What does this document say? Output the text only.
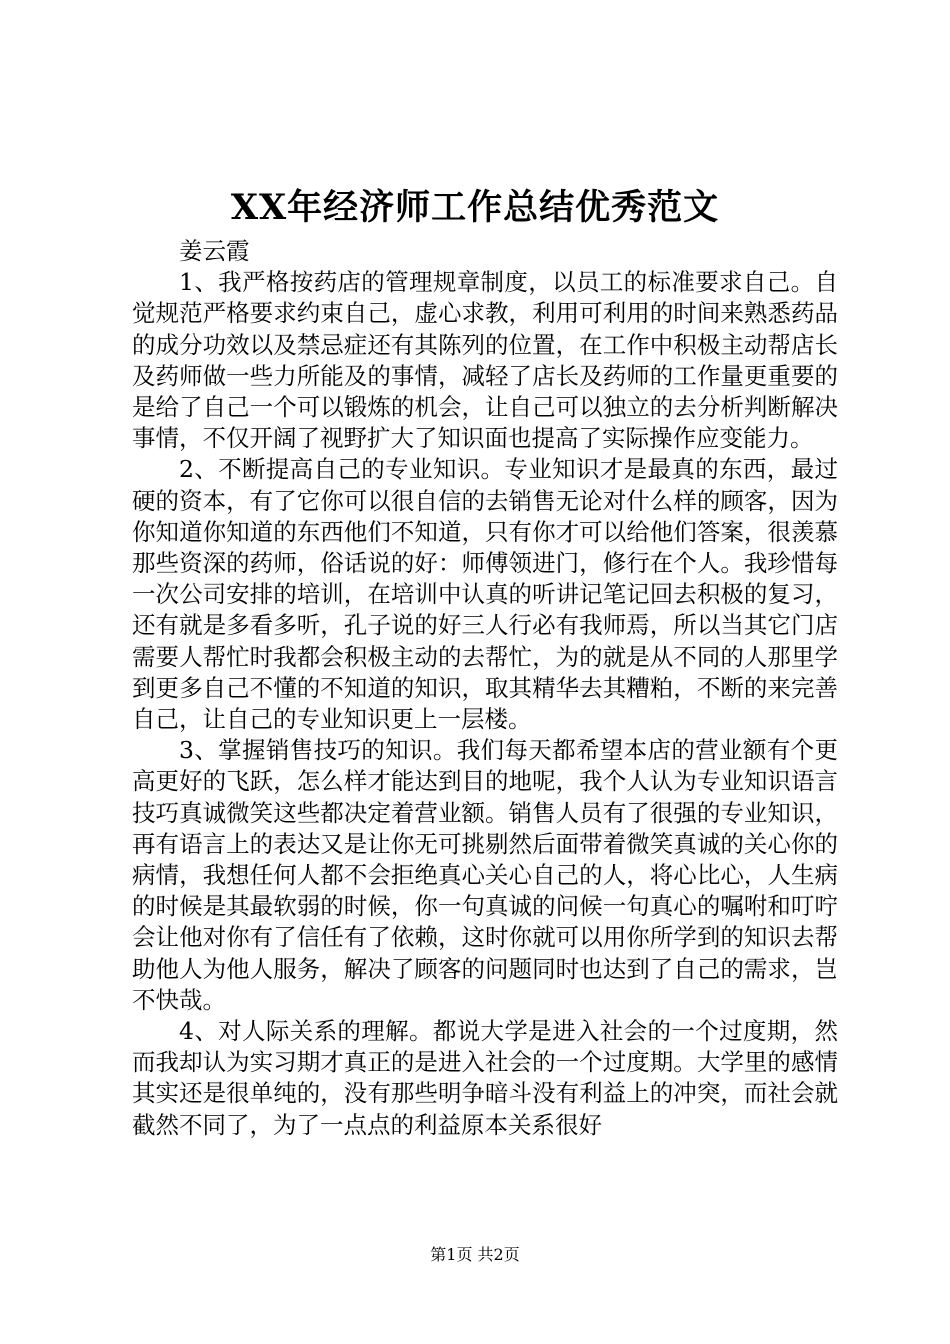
XX年经济师工作总结优秀范文

姜云霞

1、我严格按药店的管理规章制度，以员工的标准要求自己。自觉规范严格要求约束自己，虚心求教，利用可利用的时间来熟悉药品的成分功效以及禁忌症还有其陈列的位置，在工作中积极主动帮店长及药师做一些力所能及的事情，减轻了店长及药师的工作量更重要的是给了自己一个可以锻炼的机会，让自己可以独立的去分析判断解决事情，不仅开阔了视野扩大了知识面也提高了实际操作应变能力。

2、不断提高自己的专业知识。专业知识才是最真的东西，最过硬的资本，有了它你可以很自信的去销售无论对什么样的顾客，因为你知道你知道的东西他们不知道，只有你才可以给他们答案，很羡慕那些资深的药师，俗话说的好：师傅领进门，修行在个人。我珍惜每一次公司安排的培训，在培训中认真的听讲记笔记回去积极的复习，还有就是多看多听，孔子说的好三人行必有我师焉，所以当其它门店需要人帮忙时我都会积极主动的去帮忙，为的就是从不同的人那里学到更多自己不懂的不知道的知识，取其精华去其糟粕，不断的来完善自己，让自己的专业知识更上一层楼。

3、掌握销售技巧的知识。我们每天都希望本店的营业额有个更高更好的飞跃，怎么样才能达到目的地呢，我个人认为专业知识语言技巧真诚微笑这些都决定着营业额。销售人员有了很强的专业知识，再有语言上的表达又是让你无可挑剔然后面带着微笑真诚的关心你的病情，我想任何人都不会拒绝真心关心自己的人，将心比心，人生病的时候是其最软弱的时候，你一句真诚的问候一句真心的嘱咐和叮咛会让他对你有了信任有了依赖，这时你就可以用你所学到的知识去帮助他人为他人服务，解决了顾客的问题同时也达到了自己的需求，岂不快哉。

4、对人际关系的理解。都说大学是进入社会的一个过度期，然而我却认为实习期才真正的是进入社会的一个过度期。大学里的感情其实还是很单纯的，没有那些明争暗斗没有利益上的冲突，而社会就截然不同了，为了一点点的利益原本关系很好

第1页 共2页
